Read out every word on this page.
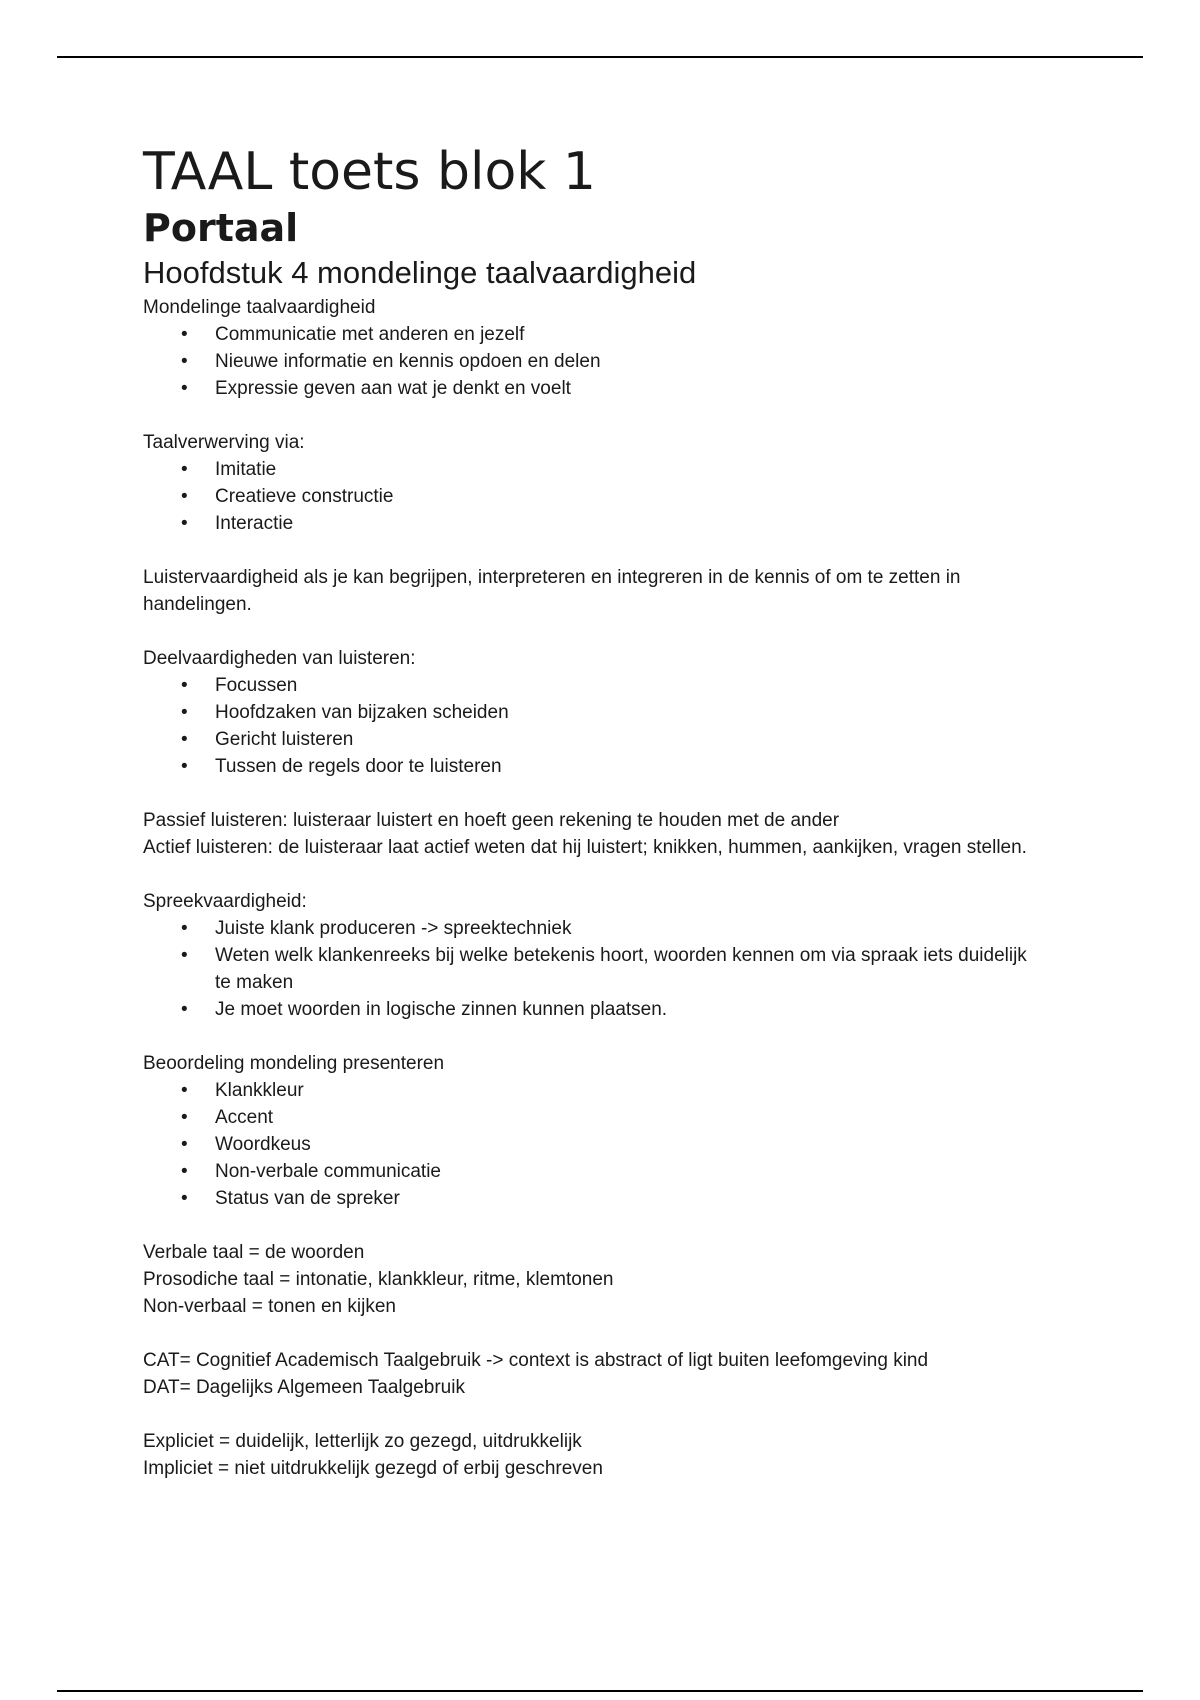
TAAL toets blok 1
Portaal
Hoofdstuk 4 mondelinge taalvaardigheid

Mondelinge taalvaardigheid

• Communicatie met anderen en jezelf
• Nieuwe informatie en kennis opdoen en delen
• Expressie geven aan wat je denkt en voelt

Taalverwerving via:

• Imitatie
• Creatieve constructie
• Interactie

Luistervaardigheid als je kan begrijpen, interpreteren en integreren in de kennis of om te zetten in handelingen.

Deelvaardigheden van luisteren:

• Focussen
• Hoofdzaken van bijzaken scheiden
• Gericht luisteren
• Tussen de regels door te luisteren

Passief luisteren: luisteraar luistert en hoeft geen rekening te houden met de ander

Actief luisteren: de luisteraar laat actief weten dat hij luistert; knikken, hummen, aankijken, vragen stellen.

Spreekvaardigheid:

• Juiste klank produceren -> spreektechniek
• Weten welk klankenreeks bij welke betekenis hoort, woorden kennen om via spraak iets duidelijk te maken
• Je moet woorden in logische zinnen kunnen plaatsen.

Beoordeling mondeling presenteren

• Klankkleur
• Accent
• Woordkeus
• Non-verbale communicatie
• Status van de spreker

Verbale taal = de woorden

Prosodiche taal = intonatie, klankkleur, ritme, klemtonen

Non-verbaal = tonen en kijken

CAT= Cognitief Academisch Taalgebruik -> context is abstract of ligt buiten leefomgeving kind

DAT= Dagelijks Algemeen Taalgebruik

Expliciet = duidelijk, letterlijk zo gezegd, uitdrukkelijk

Impliciet = niet uitdrukkelijk gezegd of erbij geschreven
